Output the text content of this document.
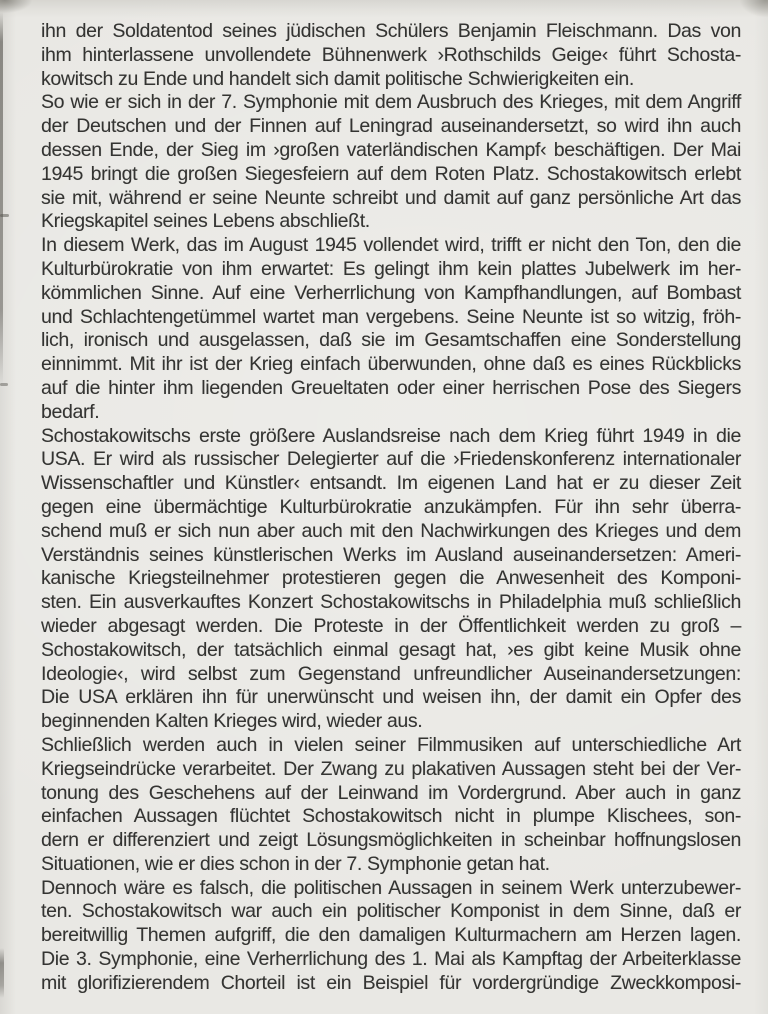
ihn der Soldatentod seines jüdischen Schülers Benjamin Fleischmann. Das von
ihm hinterlassene unvollendete Bühnenwerk ›Rothschilds Geige‹ führt Schosta-
kowitsch zu Ende und handelt sich damit politische Schwierigkeiten ein.
So wie er sich in der 7. Symphonie mit dem Ausbruch des Krieges, mit dem Angriff
der Deutschen und der Finnen auf Leningrad auseinandersetzt, so wird ihn auch
dessen Ende, der Sieg im ›großen vaterländischen Kampf‹ beschäftigen. Der Mai
1945 bringt die großen Siegesfeiern auf dem Roten Platz. Schostakowitsch erlebt
sie mit, während er seine Neunte schreibt und damit auf ganz persönliche Art das
Kriegskapitel seines Lebens abschließt.
In diesem Werk, das im August 1945 vollendet wird, trifft er nicht den Ton, den die
Kulturbürokratie von ihm erwartet: Es gelingt ihm kein plattes Jubelwerk im her-
kömmlichen Sinne. Auf eine Verherrlichung von Kampfhandlungen, auf Bombast
und Schlachtengetümmel wartet man vergebens. Seine Neunte ist so witzig, fröh-
lich, ironisch und ausgelassen, daß sie im Gesamtschaffen eine Sonderstellung
einnimmt. Mit ihr ist der Krieg einfach überwunden, ohne daß es eines Rückblicks
auf die hinter ihm liegenden Greueltaten oder einer herrischen Pose des Siegers
bedarf.
Schostakowitschs erste größere Auslandsreise nach dem Krieg führt 1949 in die
USA. Er wird als russischer Delegierter auf die ›Friedenskonferenz internationaler
Wissenschaftler und Künstler‹ entsandt. Im eigenen Land hat er zu dieser Zeit
gegen eine übermächtige Kulturbürokratie anzukämpfen. Für ihn sehr überra-
schend muß er sich nun aber auch mit den Nachwirkungen des Krieges und dem
Verständnis seines künstlerischen Werks im Ausland auseinandersetzen: Ameri-
kanische Kriegsteilnehmer protestieren gegen die Anwesenheit des Komponi-
sten. Ein ausverkauftes Konzert Schostakowitschs in Philadelphia muß schließlich
wieder abgesagt werden. Die Proteste in der Öffentlichkeit werden zu groß –
Schostakowitsch, der tatsächlich einmal gesagt hat, ›es gibt keine Musik ohne
Ideologie‹, wird selbst zum Gegenstand unfreundlicher Auseinandersetzungen:
Die USA erklären ihn für unerwünscht und weisen ihn, der damit ein Opfer des
beginnenden Kalten Krieges wird, wieder aus.
Schließlich werden auch in vielen seiner Filmmusiken auf unterschiedliche Art
Kriegseindrücke verarbeitet. Der Zwang zu plakativen Aussagen steht bei der Ver-
tonung des Geschehens auf der Leinwand im Vordergrund. Aber auch in ganz
einfachen Aussagen flüchtet Schostakowitsch nicht in plumpe Klischees, son-
dern er differenziert und zeigt Lösungsmöglichkeiten in scheinbar hoffnungslosen
Situationen, wie er dies schon in der 7. Symphonie getan hat.
Dennoch wäre es falsch, die politischen Aussagen in seinem Werk unterzubewer-
ten. Schostakowitsch war auch ein politischer Komponist in dem Sinne, daß er
bereitwillig Themen aufgriff, die den damaligen Kulturmachern am Herzen lagen.
Die 3. Symphonie, eine Verherrlichung des 1. Mai als Kampftag der Arbeiterklasse
mit glorifizierendem Chorteil ist ein Beispiel für vordergründige Zweckkomposi-
